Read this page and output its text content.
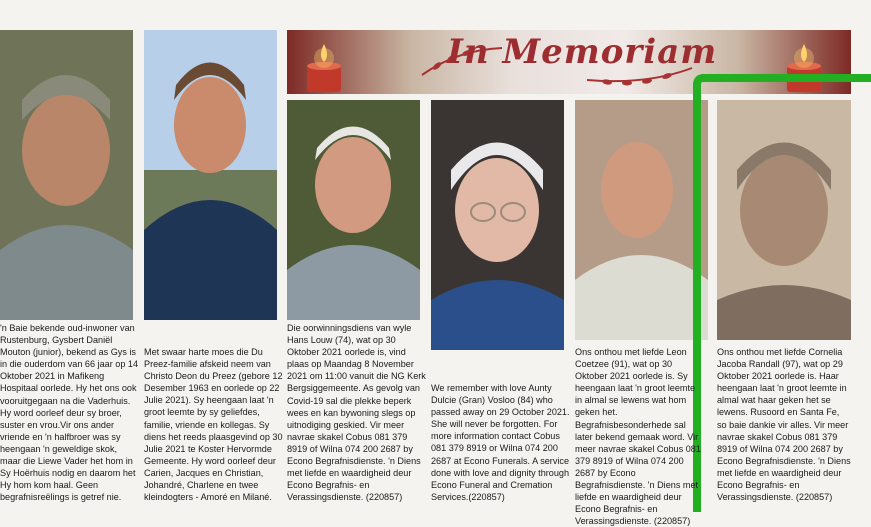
In Memoriam
'n Baie bekende oud-inwoner van Rustenburg, Gysbert Daniël Mouton (junior), bekend as Gys is in die ouderdom van 66 jaar op 14 Oktober 2021 in Mafikeng Hospitaal oorlede. Hy het ons ook vooruitgegaan na die Vaderhuis. Hy word oorleef deur sy broer, suster en vrou.Vir ons ander vriende en 'n halfbroer was sy heengaan 'n geweldige skok, maar die Liewe Vader het hom in Sy Hoërhuis nodig en daarom het Hy hom kom haal. Geen begrafnisreëlings is getref nie.
Met swaar harte moes die Du Preez-familie afskeid neem van Christo Deon du Preez (gebore 12 Desember 1963 en oorlede op 22 Julie 2021). Sy heengaan laat 'n groot leemte by sy geliefdes, familie, vriende en kollegas. Sy diens het reeds plaasgevind op 30 Julie 2021 te Koster Hervormde Gemeente. Hy word oorleef deur Carien, Jacques en Christian, Johandré, Charlene en twee kleindogters - Amoré en Milané.
Die oorwinningsdiens van wyle Hans Louw (74), wat op 30 Oktober 2021 oorlede is, vind plaas op Maandag 8 November 2021 om 11:00 vanuit die NG Kerk Bergsiggemeente. As gevolg van Covid-19 sal die plekke beperk wees en kan bywoning slegs op uitnodiging geskied. Vir meer navrae skakel Cobus 081 379 8919 of Wilna 074 200 2687 by Econo Begrafnisdienste. 'n Diens met liefde en waardigheid deur Econo Begrafnis- en Verassingsdienste. (220857)
We remember with love Aunty Dulcie (Gran) Vosloo (84) who passed away on 29 October 2021. She will never be forgotten. For more information contact Cobus 081 379 8919 or Wilna 074 200 2687 at Econo Funerals. A service done with love and dignity through Econo Funeral and Cremation Services.(220857)
Ons onthou met liefde Leon Coetzee (91), wat op 30 Oktober 2021 oorlede is. Sy heengaan laat 'n groot leemte in almal se lewens wat hom geken het. Begrafnisbesonderhede sal later bekend gemaak word. Vir meer navrae skakel Cobus 081 379 8919 of Wilna 074 200 2687 by Econo Begrafnisdienste. 'n Diens met liefde en waardigheid deur Econo Begrafnis- en Verassingsdienste. (220857)
Ons onthou met liefde Cornelia Jacoba Randall (97), wat op 29 Oktober 2021 oorlede is. Haar heengaan laat 'n groot leemte in almal wat haar geken het se lewens. Rusoord en Santa Fe, so baie dankie vir alles. Vir meer navrae skakel Cobus 081 379 8919 of Wilna 074 200 2687 by Econo Begrafnisdienste. 'n Diens met liefde en waardigheid deur Econo Begrafnis- en Verassingsdienste. (220857)
